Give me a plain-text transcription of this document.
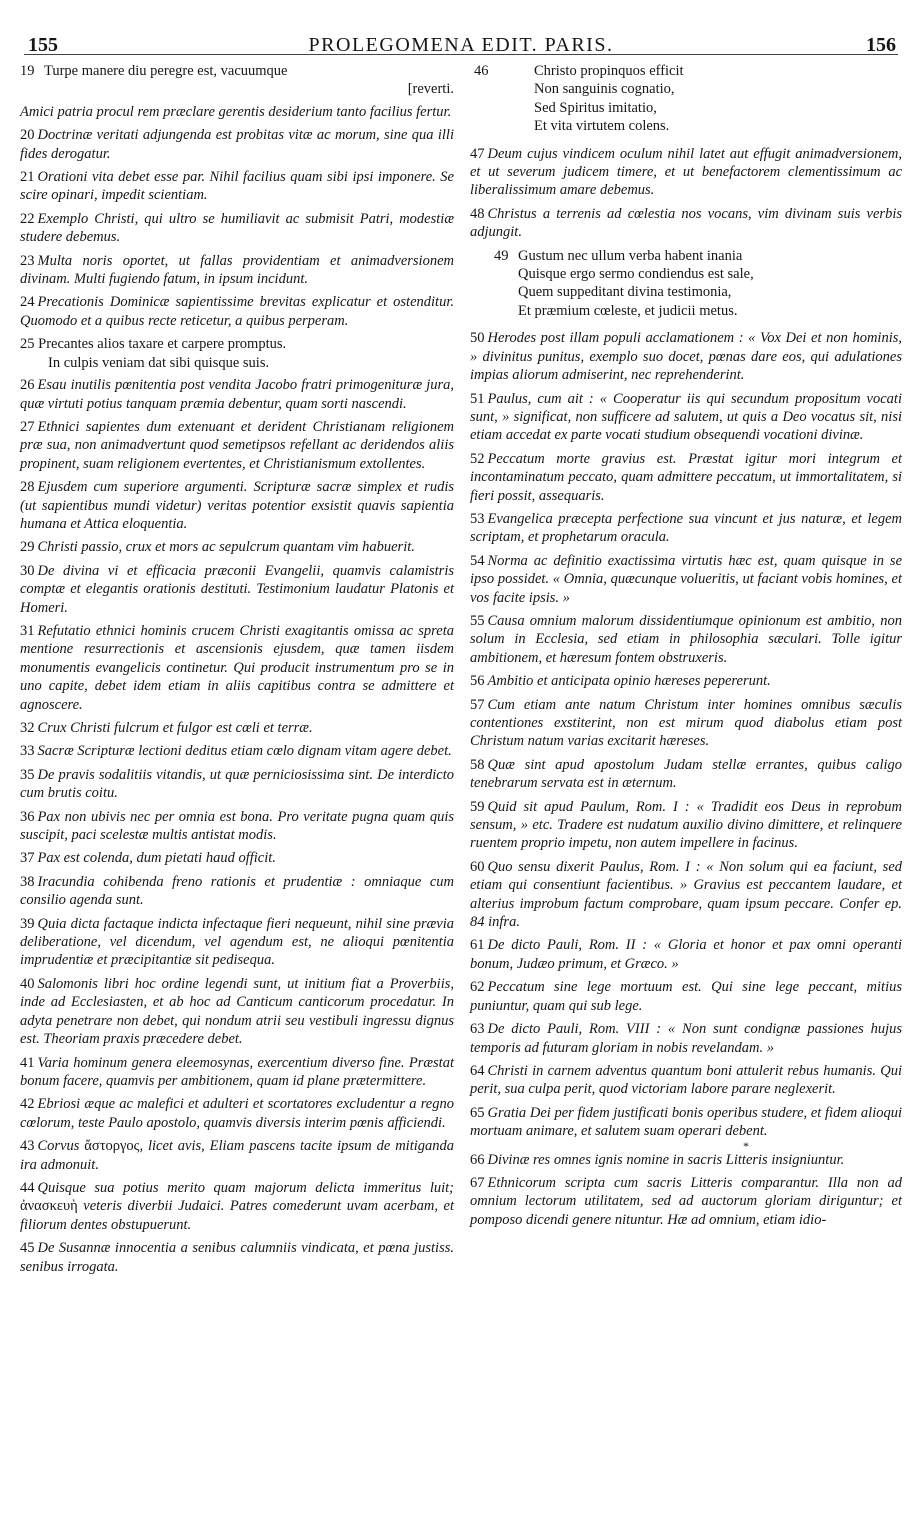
155	PROLEGOMENA EDIT. PARIS.	156
19 Turpe manere diu peregre est, vacuumque
[reverti.

Amici patria procul rem præclare gerentis desiderium tanto facilius fertur.

20 Doctrinæ veritati adjungenda est probitas vitæ ac morum, sine qua illi fides derogatur.

21 Orationi vita debet esse par. Nihil facilius quam sibi ipsi imponere. Se scire opinari, impedit scientiam.

22 Exemplo Christi, qui ultro se humiliavit ac submisit Patri, modestiæ studere debemus.

23 Multa noris oportet, ut fallas providentiam et animadversionem divinam. Multi fugiendo fatum, in ipsum incidunt.

24 Precationis Dominicæ sapientissime brevitas explicatur et ostenditur. Quomodo et a quibus recte reticetur, a quibus perperam.

25 Precantes alios taxare et carpere promptus.
In culpis veniam dat sibi quisque suis.

26 Esau inutilis pœnitentia post vendita Jacobo fratri primogenituræ jura, quæ virtuti potius tanquam præmia debentur, quam sorti nascendi.

27 Ethnici sapientes dum extenuant et derident Christianam religionem præ sua, non animadvertunt quod semetipsos refellant ac deridendos aliis propinent, suam religionem evertentes, et Christianismum extollentes.

28 Ejusdem cum superiore argumenti. Scripturæ sacræ simplex et rudis (ut sapientibus mundi videtur) veritas potentior exsistit quavis sapientia humana et Attica eloquentia.

29 Christi passio, crux et mors ac sepulcrum quantam vim habuerit.

30 De divina vi et efficacia præconii Evangelii, quamvis calamistris comptæ et elegantis orationis destituti. Testimonium laudatur Platonis et Homeri.

31 Refutatio ethnici hominis crucem Christi exagitantis omissa ac spreta mentione resurrectionis et ascensionis ejusdem, quæ tamen iisdem monumentis evangelicis continetur. Qui producit instrumentum pro se in uno capite, debet idem etiam in aliis capitibus contra se admittere et agnoscere.

32 Crux Christi fulcrum et fulgor est cœli et terræ.

33 Sacræ Scripturæ lectioni deditus etiam cœlo dignam vitam agere debet.

35 De pravis sodalitiis vitandis, ut quæ perniciosissima sint. De interdicto cum brutis coitu.

36 Pax non ubivis nec per omnia est bona. Pro veritate pugna quam quis suscipit, paci scelestæ multis antistat modis.

37 Pax est colenda, dum pietati haud officit.

38 Iracundia cohibenda freno rationis et prudentiæ : omniaque cum consilio agenda sunt.

39 Quia dicta factaque indicta infectaque fieri nequeunt, nihil sine prævia deliberatione, vel dicendum, vel agendum est, ne alioqui pœnitentia imprudentiæ et præcipitantiæ sit pedisequa.

40 Salomonis libri hoc ordine legendi sunt, ut initium fiat a Proverbiis, inde ad Ecclesiasten, et ab hoc ad Canticum canticorum procedatur. In adyta penetrare non debet, qui nondum atrii seu vestibuli ingressu dignus est. Theoriam praxis præcedere debet.

41 Varia hominum genera eleemosynas, exercentium diverso fine. Præstat bonum facere, quamvis per ambitionem, quam id plane prætermittere.

42 Ebriosi æque ac malefici et adulteri et scortatores excludentur a regno cœlorum, teste Paulo apostolo, quamvis diversis interim pœnis afficiendi.

43 Corvus ἄστοργος, licet avis, Eliam pascens tacite ipsum de mitiganda ira admonuit.

44 Quisque sua potius merito quam majorum delicta immeritus luit; ἀνασκευὴ veteris diverbii Judaici. Patres comederunt uvam acerbam, et filiorum dentes obstupuerunt.

45 De Susannæ innocentia a senibus calumniis vindicata, et pœna justiss. senibus irrogata.

46	Christo propinquos efficit
Non sanguinis cognatio,
Sed Spiritus imitatio,
Et vita virtutem colens.

47 Deum cujus vindicem oculum nihil latet aut effugit animadversionem, et ut severum judicem timere, et ut benefactorem clementissimum ac liberalissimum amare debemus.

48 Christus a terrenis ad cœlestia nos vocans, vim divinam suis verbis adjungit.

49 Gustum nec ullum verba habent inania
Quisque ergo sermo condiendus est sale,
Quem suppeditant divina testimonia,
Et præmium cœleste, et judicii metus.

50 Herodes post illam populi acclamationem : « Vox Dei et non hominis, » divinitus punitus, exemplo suo docet, pœnas dare eos, qui adulationes impias aliorum admiserint, nec reprehenderint.

51 Paulus, cum ait : « Cooperatur iis qui secundum propositum vocati sunt, » significat, non sufficere ad salutem, ut quis a Deo vocatus sit, nisi etiam accedat ex parte vocati studium obsequendi vocationi divinæ.

52 Peccatum morte gravius est. Præstat igitur mori integrum et incontaminatum peccato, quam admittere peccatum, ut immortalitatem, si fieri possit, assequaris.

53 Evangelica præcepta perfectione sua vincunt et jus naturæ, et legem scriptam, et prophetarum oracula.

54 Norma ac definitio exactissima virtutis hæc est, quam quisque in se ipso possidet. « Omnia, quæcunque volueritis, ut faciant vobis homines, et vos facite ipsis. »

55 Causa omnium malorum dissidentiumque opinionum est ambitio, non solum in Ecclesia, sed etiam in philosophia sæculari. Tolle igitur ambitionem, et hæresum fontem obstruxeris.

56 Ambitio et anticipata opinio hæreses pepererunt.

57 Cum etiam ante natum Christum inter homines omnibus sæculis contentiones exstiterint, non est mirum quod diabolus etiam post Christum natum varias excitarit hæreses.

58 Quæ sint apud apostolum Judam stellæ errantes, quibus caligo tenebrarum servata est in æternum.

59 Quid sit apud Paulum, Rom. I : « Tradidit eos Deus in reprobum sensum, » etc. Tradere est nudatum auxilio divino dimittere, et relinquere ruentem proprio impetu, non autem impellere in facinus.

60 Quo sensu dixerit Paulus, Rom. I : « Non solum qui ea faciunt, sed etiam qui consentiunt facientibus. » Gravius est peccantem laudare, et alterius improbum factum comprobare, quam ipsum peccare. Confer ep. 84 infra.

61 De dicto Pauli, Rom. II : « Gloria et honor et pax omni operanti bonum, Judæo primum, et Græco. »

62 Peccatum sine lege mortuum est. Qui sine lege peccant, mitius puniuntur, quam qui sub lege.

63 De dicto Pauli, Rom. VIII : « Non sunt condignæ passiones hujus temporis ad futuram gloriam in nobis revelandam. »

64 Christi in carnem adventus quantum boni attulerit rebus humanis. Qui perit, sua culpa perit, quod victoriam labore parare neglexerit.

65 Gratia Dei per fidem justificati bonis operibus studere, et fidem alioqui mortuam animare, et salutem suam operari debent.

*

66 Divinæ res omnes ignis nomine in sacris Litteris insigniuntur.

67 Ethnicorum scripta cum sacris Litteris comparantur. Illa non ad omnium lectorum utilitatem, sed ad auctorum gloriam diriguntur; et pomposo dicendi genere nituntur. Hæ ad omnium, etiam idio-
